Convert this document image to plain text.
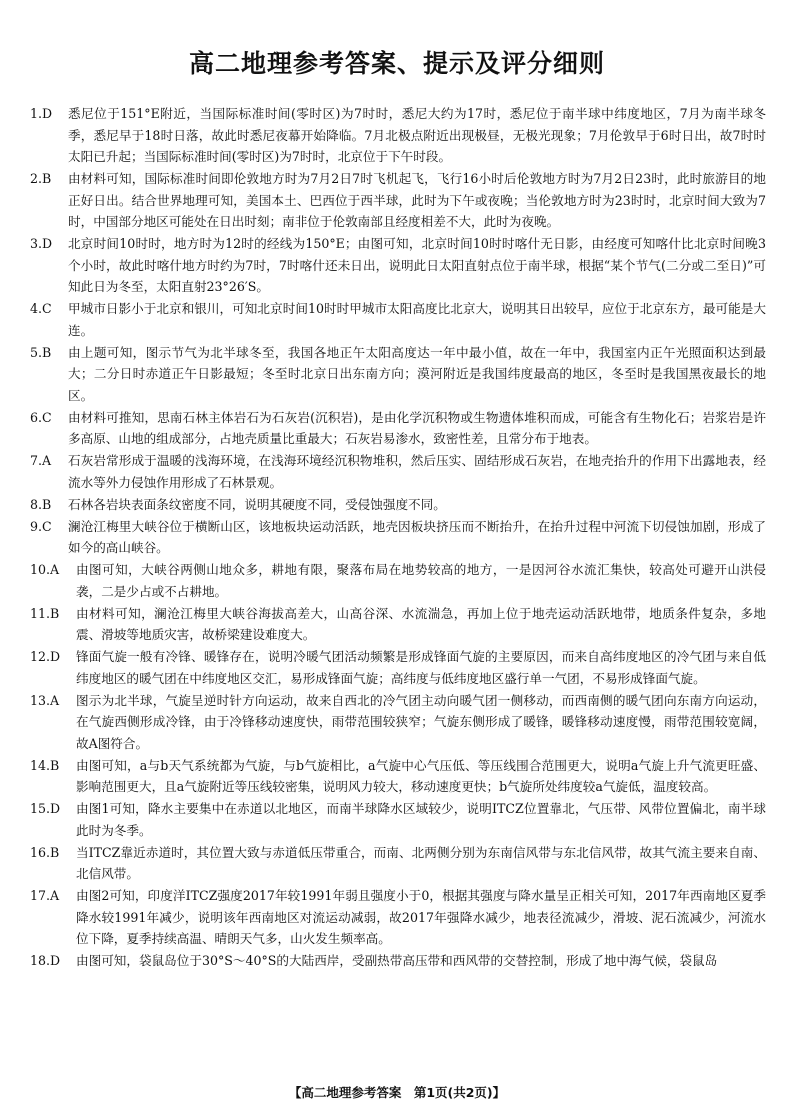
高二地理参考答案、提示及评分细则
1.D	悉尼位于151°E附近，当国际标准时间(零时区)为7时时，悉尼大约为17时，悉尼位于南半球中纬度地区，7月为南半球冬季，悉尼早于18时日落，故此时悉尼夜幕开始降临。7月北极点附近出现极昼，无极光现象；7月伦敦早于6时日出，故7时时太阳已升起；当国际标准时间(零时区)为7时时，北京位于下午时段。
2.B	由材料可知，国际标准时间即伦敦地方时为7月2日7时飞机起飞，飞行16小时后伦敦地方时为7月2日23时，此时旅游目的地正好日出。结合世界地理可知，美国本土、巴西位于西半球，此时为下午或夜晚；当伦敦地方时为23时时，北京时间大致为7时，中国部分地区可能处在日出时刻；南非位于伦敦南部且经度相差不大，此时为夜晚。
3.D	北京时间10时时，地方时为12时的经线为150°E；由图可知，北京时间10时时喀什无日影，由经度可知喀什比北京时间晚3个小时，故此时喀什地方时约为7时，7时喀什还未日出，说明此日太阳直射点位于南半球，根据“某个节气(二分或二至日)”可知此日为冬至，太阳直射23°26′S。
4.C	甲城市日影小于北京和银川，可知北京时间10时时甲城市太阳高度比北京大，说明其日出较早，应位于北京东方，最可能是大连。
5.B	由上题可知，图示节气为北半球冬至，我国各地正午太阳高度达一年中最小值，故在一年中，我国室内正午光照面积达到最大；二分日时赤道正午日影最短；冬至时北京日出东南方向；漠河附近是我国纬度最高的地区，冬至时是我国黑夜最长的地区。
6.C	由材料可推知，思南石林主体岩石为石灰岩(沉积岩)，是由化学沉积物或生物遗体堆积而成，可能含有生物化石；岩浆岩是许多高原、山地的组成部分，占地壳质量比重最大；石灰岩易渗水，致密性差，且常分布于地表。
7.A	石灰岩常形成于温暖的浅海环境，在浅海环境经沉积物堆积，然后压实、固结形成石灰岩，在地壳抬升的作用下出露地表，经流水等外力侵蚀作用形成了石林景观。
8.B	石林各岩块表面条纹密度不同，说明其硬度不同，受侵蚀强度不同。
9.C	澜沧江梅里大峡谷位于横断山区，该地板块运动活跃，地壳因板块挤压而不断抬升，在抬升过程中河流下切侵蚀加剧，形成了如今的高山峡谷。
10.A	由图可知，大峡谷两侧山地众多，耕地有限，聚落布局在地势较高的地方，一是因河谷水流汇集快，较高处可避开山洪侵袭，二是少占或不占耕地。
11.B	由材料可知，澜沧江梅里大峡谷海拔高差大，山高谷深、水流湍急，再加上位于地壳运动活跃地带，地质条件复杂，多地震、滑坡等地质灾害，故桥梁建设难度大。
12.D	锋面气旋一般有冷锋、暖锋存在，说明冷暖气团活动频繁是形成锋面气旋的主要原因，而来自高纬度地区的冷气团与来自低纬度地区的暖气团在中纬度地区交汇，易形成锋面气旋；高纬度与低纬度地区盛行单一气团，不易形成锋面气旋。
13.A	图示为北半球，气旋呈逆时针方向运动，故来自西北的冷气团主动向暖气团一侧移动，而西南侧的暖气团向东南方向运动，在气旋西侧形成冷锋，由于冷锋移动速度快，雨带范围较狭窄；气旋东侧形成了暖锋，暖锋移动速度慢，雨带范围较宽阔，故A图符合。
14.B	由图可知，a与b天气系统都为气旋，与b气旋相比，a气旋中心气压低、等压线围合范围更大，说明a气旋上升气流更旺盛、影响范围更大，且a气旋附近等压线较密集，说明风力较大，移动速度更快；b气旋所处纬度较a气旋低，温度较高。
15.D	由图1可知，降水主要集中在赤道以北地区，而南半球降水区域较少，说明ITCZ位置靠北，气压带、风带位置偏北，南半球此时为冬季。
16.B	当ITCZ靠近赤道时，其位置大致与赤道低压带重合，而南、北两侧分别为东南信风带与东北信风带，故其气流主要来自南、北信风带。
17.A	由图2可知，印度洋ITCZ强度2017年较1991年弱且强度小于0，根据其强度与降水量呈正相关可知，2017年西南地区夏季降水较1991年减少，说明该年西南地区对流运动减弱，故2017年强降水减少，地表径流减少，滑坡、泥石流减少，河流水位下降，夏季持续高温、晴朗天气多，山火发生频率高。
18.D	由图可知，袋鼠岛位于30°S～40°S的大陆西岸，受副热带高压带和西风带的交替控制，形成了地中海气候，袋鼠岛
【高二地理参考答案　第1页(共2页)】
